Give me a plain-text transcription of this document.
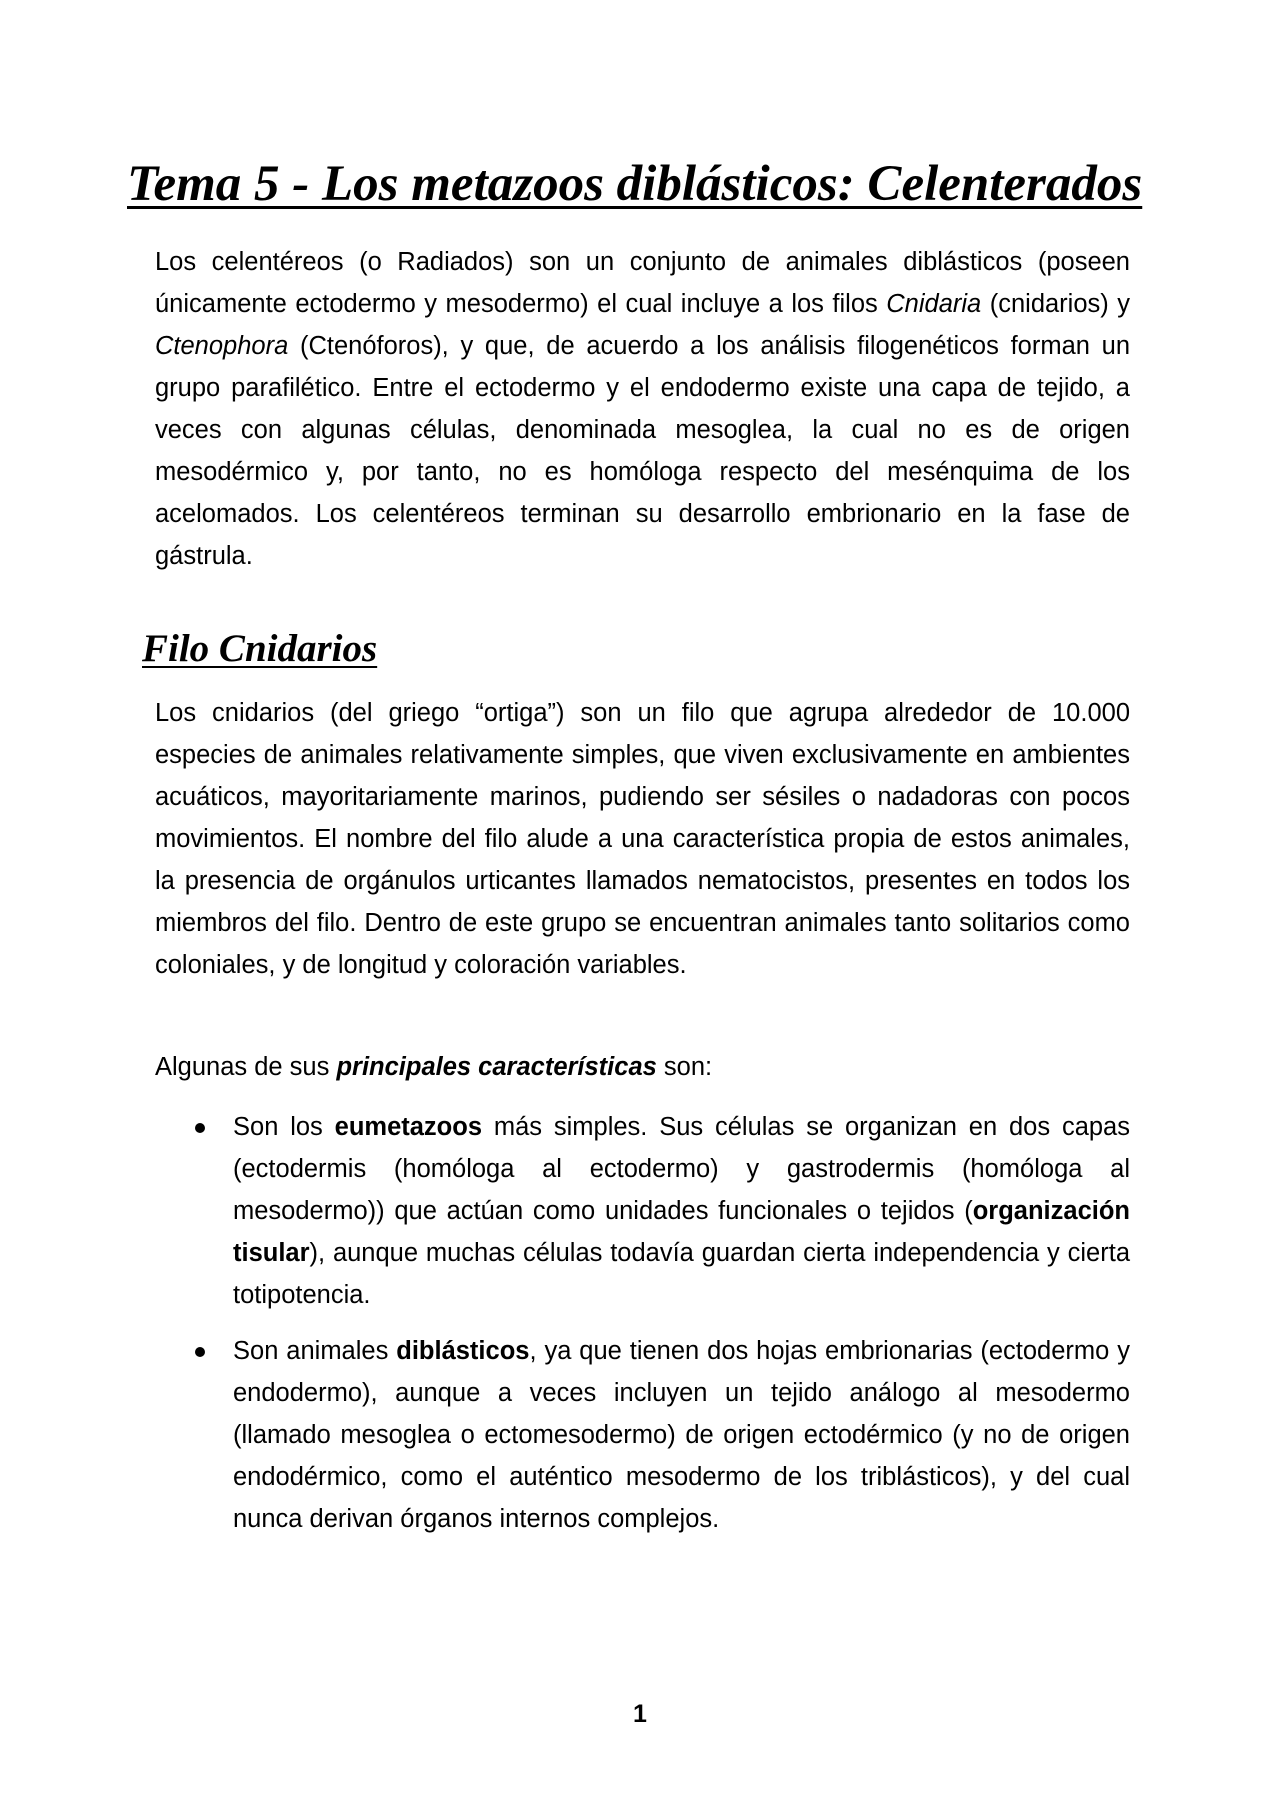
Tema 5 - Los metazoos diblásticos: Celenterados

Los celentéreos (o Radiados) son un conjunto de animales diblásticos (poseen únicamente ectodermo y mesodermo) el cual incluye a los filos Cnidaria (cnidarios) y Ctenophora (Ctenóforos), y que, de acuerdo a los análisis filogenéticos forman un grupo parafilético. Entre el ectodermo y el endodermo existe una capa de tejido, a veces con algunas células, denominada mesoglea, la cual no es de origen mesodérmico y, por tanto, no es homóloga respecto del mesénquima de los acelomados. Los celentéreos terminan su desarrollo embrionario en la fase de gástrula.

Filo Cnidarios

Los cnidarios (del griego “ortiga”) son un filo que agrupa alrededor de 10.000 especies de animales relativamente simples, que viven exclusivamente en ambientes acuáticos, mayoritariamente marinos, pudiendo ser sésiles o nadadoras con pocos movimientos. El nombre del filo alude a una característica propia de estos animales, la presencia de orgánulos urticantes llamados nematocistos, presentes en todos los miembros del filo. Dentro de este grupo se encuentran animales tanto solitarios como coloniales, y de longitud y coloración variables.

Algunas de sus principales características son:

Son los eumetazoos más simples. Sus células se organizan en dos capas (ectodermis (homóloga al ectodermo) y gastrodermis (homóloga al mesodermo)) que actúan como unidades funcionales o tejidos (organización tisular), aunque muchas células todavía guardan cierta independencia y cierta totipotencia.
Son animales diblásticos, ya que tienen dos hojas embrionarias (ectodermo y endodermo), aunque a veces incluyen un tejido análogo al mesodermo (llamado mesoglea o ectomesodermo) de origen ectodérmico (y no de origen endodérmico, como el auténtico mesodermo de los triblásticos), y del cual nunca derivan órganos internos complejos.
1
